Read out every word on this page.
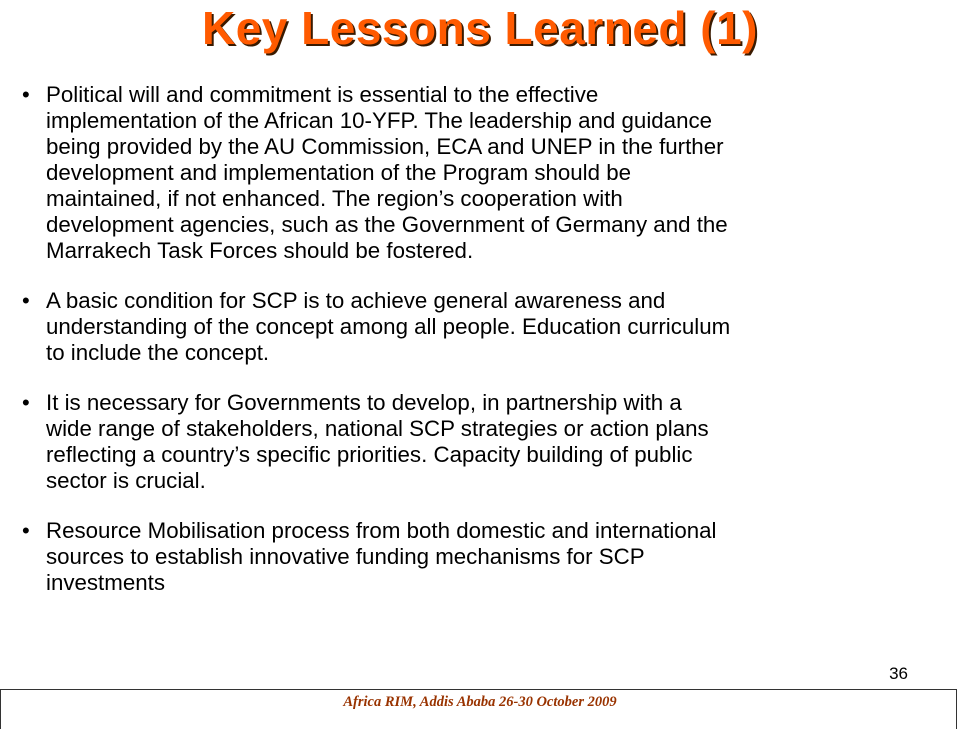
Key Lessons Learned (1)
• Political will and commitment is essential to the effective
implementation of the African 10-YFP. The leadership and guidance
being provided by the AU Commission, ECA and UNEP in the further
development and implementation of the Program should be
maintained, if not enhanced. The region’s cooperation with
development agencies, such as the Government of Germany and the
Marrakech Task Forces should be fostered.
• A basic condition for SCP is to achieve general awareness and
understanding of the concept among all people. Education curriculum
to include the concept.
• It is necessary for Governments to develop, in partnership with a
wide range of stakeholders, national SCP strategies or action plans
reflecting a country’s specific priorities. Capacity building of public
sector is crucial.
• Resource Mobilisation process from both domestic and international
sources to establish innovative funding mechanisms for SCP
investments
36
Africa RIM, Addis Ababa 26-30 October 2009
